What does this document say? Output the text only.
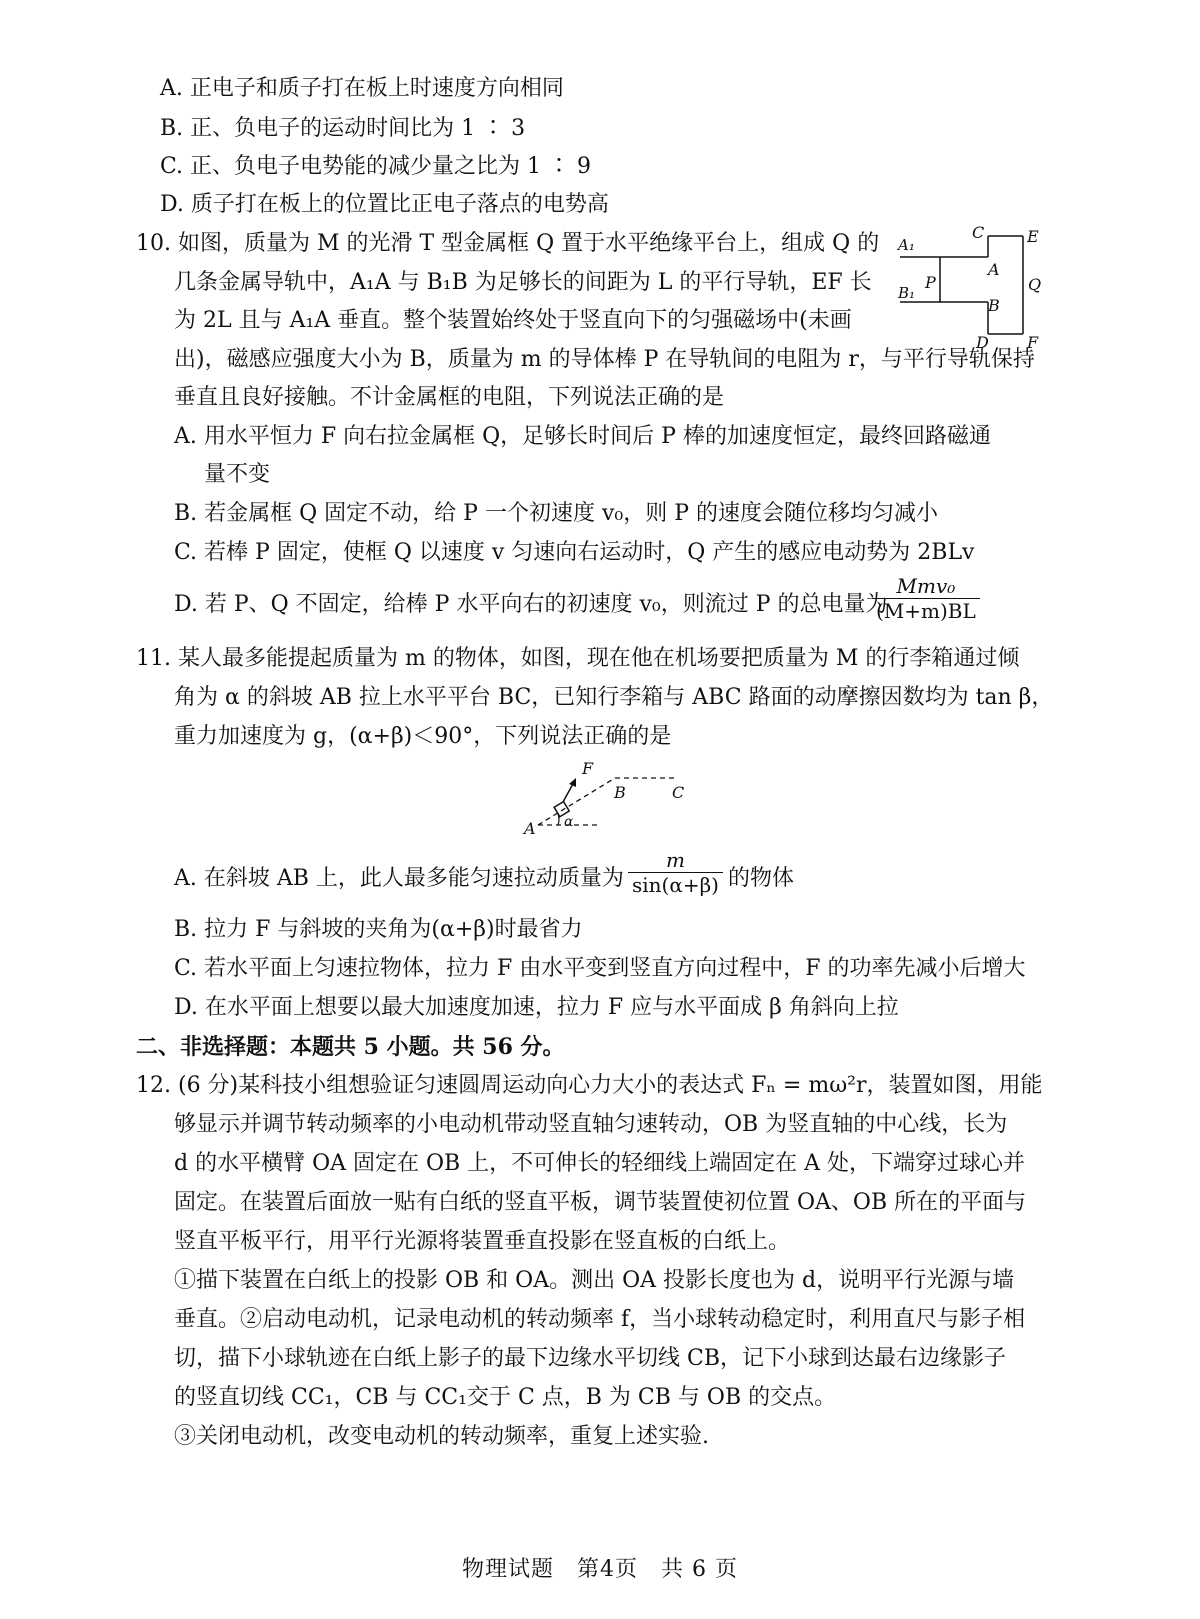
A. 正电子和质子打在板上时速度方向相同
B. 正、负电子的运动时间比为 1 ∶ 3
C. 正、负电子电势能的减少量之比为 1 ∶ 9
D. 质子打在板上的位置比正电子落点的电势高
10. 如图，质量为 M 的光滑 T 型金属框 Q 置于水平绝缘平台上，组成 Q 的
几条金属导轨中，A₁A 与 B₁B 为足够长的间距为 L 的平行导轨，EF 长
为 2L 且与 A₁A 垂直。整个装置始终处于竖直向下的匀强磁场中(未画
出)，磁感应强度大小为 B，质量为 m 的导体棒 P 在导轨间的电阻为 r，与平行导轨保持
垂直且良好接触。不计金属框的电阻，下列说法正确的是
A₁
B₁
P
C	E
A
B
Q
D F
A. 用水平恒力 F 向右拉金属框 Q，足够长时间后 P 棒的加速度恒定，最终回路磁通
量不变
B. 若金属框 Q 固定不动，给 P 一个初速度 v₀，则 P 的速度会随位移均匀减小
C. 若棒 P 固定，使框 Q 以速度 v 匀速向右运动时，Q 产生的感应电动势为 2BLv
D. 若 P、Q 不固定，给棒 P 水平向右的初速度 v₀，则流过 P 的总电量为
Mmv₀
(M+m)BL
11. 某人最多能提起质量为 m 的物体，如图，现在他在机场要把质量为 M 的行李箱通过倾
角为 α 的斜坡 AB 拉上水平平台 BC，已知行李箱与 ABC 路面的动摩擦因数均为 tan β，
重力加速度为 g，(α+β)＜90°，下列说法正确的是
F
A α
B	C
A. 在斜坡 AB 上，此人最多能匀速拉动质量为 $\frac{m}{\sin(\alpha+\beta)}$ 的物体
B. 拉力 F 与斜坡的夹角为(α+β)时最省力
C. 若水平面上匀速拉物体，拉力 F 由水平变到竖直方向过程中，F 的功率先减小后增大
D. 在水平面上想要以最大加速度加速，拉力 F 应与水平面成 β 角斜向上拉
二、非选择题：本题共 5 小题。共 56 分。
12. (6 分)某科技小组想验证匀速圆周运动向心力大小的表达式 Fₙ = mω²r，装置如图，用能
够显示并调节转动频率的小电动机带动竖直轴匀速转动，OB 为竖直轴的中心线，长为
d 的水平横臂 OA 固定在 OB 上，不可伸长的轻细线上端固定在 A 处，下端穿过球心并
固定。在装置后面放一贴有白纸的竖直平板，调节装置使初位置 OA、OB 所在的平面与
竖直平板平行，用平行光源将装置垂直投影在竖直板的白纸上。
①描下装置在白纸上的投影 OB 和 OA。测出 OA 投影长度也为 d，说明平行光源与墙
垂直。②启动电动机，记录电动机的转动频率 f，当小球转动稳定时，利用直尺与影子相
切，描下小球轨迹在白纸上影子的最下边缘水平切线 CB，记下小球到达最右边缘影子
的竖直切线 CC₁，CB 与 CC₁交于 C 点，B 为 CB 与 OB 的交点。
③关闭电动机，改变电动机的转动频率，重复上述实验.
物理试题　第4页　共 6 页
